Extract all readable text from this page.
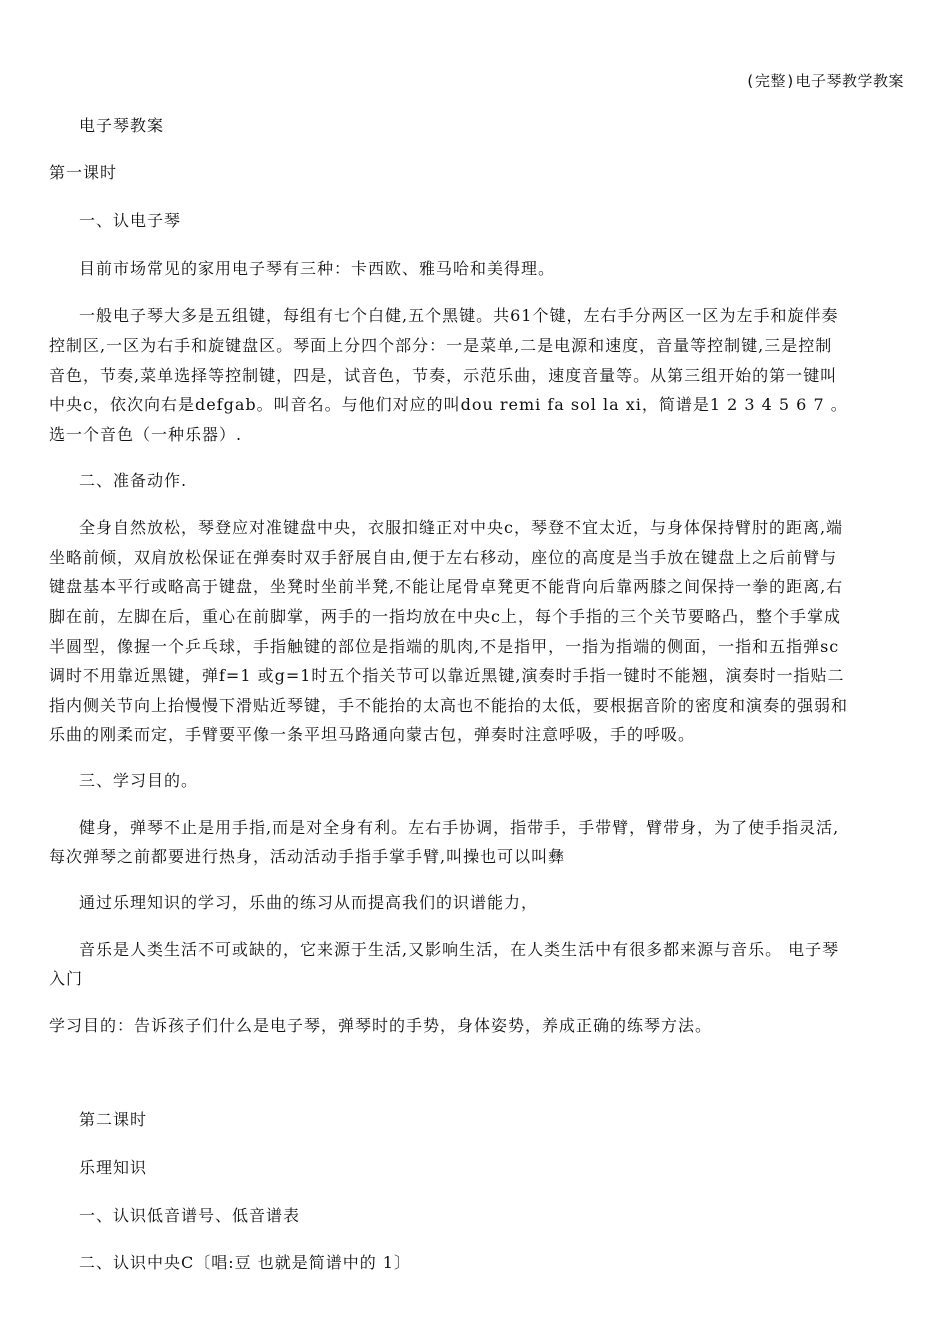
(完整)电子琴教学教案
电子琴教案
第一课时
一、认电子琴
目前市场常见的家用电子琴有三种：卡西欧、雅马哈和美得理。
一般电子琴大多是五组键，每组有七个白健,五个黑键。共61个键，左右手分两区一区为左手和旋伴奏
控制区,一区为右手和旋键盘区。琴面上分四个部分：一是菜单,二是电源和速度，音量等控制键,三是控制
音色，节奏,菜单选择等控制键，四是，试音色，节奏，示范乐曲，速度音量等。从第三组开始的第一键叫
中央c，依次向右是defgab。叫音名。与他们对应的叫dou remi fa sol la xi，简谱是1 2 3 4 5 6 7 。
选一个音色（一种乐器）.
二、准备动作.
全身自然放松，琴登应对准键盘中央，衣服扣缝正对中央c，琴登不宜太近，与身体保持臂肘的距离,端
坐略前倾，双肩放松保证在弹奏时双手舒展自由,便于左右移动，座位的高度是当手放在键盘上之后前臂与
键盘基本平行或略高于键盘，坐凳时坐前半凳,不能让尾骨卓凳更不能背向后靠两膝之间保持一拳的距离,右
脚在前，左脚在后，重心在前脚掌，两手的一指均放在中央c上，每个手指的三个关节要略凸，整个手掌成
半圆型，像握一个乒乓球，手指触键的部位是指端的肌肉,不是指甲，一指为指端的侧面，一指和五指弹sc
调时不用靠近黑键，弹f=1 或g=1时五个指关节可以靠近黑键,演奏时手指一键时不能翘，演奏时一指贴二
指内侧关节向上抬慢慢下滑贴近琴键，手不能抬的太高也不能抬的太低，要根据音阶的密度和演奏的强弱和
乐曲的刚柔而定，手臂要平像一条平坦马路通向蒙古包，弹奏时注意呼吸，手的呼吸。
三、学习目的。
健身，弹琴不止是用手指,而是对全身有利。左右手协调，指带手，手带臂，臂带身，为了使手指灵活,
每次弹琴之前都要进行热身，活动活动手指手掌手臂,叫操也可以叫彝
通过乐理知识的学习，乐曲的练习从而提高我们的识谱能力，
音乐是人类生活不可或缺的，它来源于生活,又影响生活，在人类生活中有很多都来源与音乐。 电子琴
入门
学习目的：告诉孩子们什么是电子琴，弹琴时的手势，身体姿势，养成正确的练琴方法。
第二课时
乐理知识
一、认识低音谱号、低音谱表
二、认识中央C〔唱:豆 也就是简谱中的 1〕
